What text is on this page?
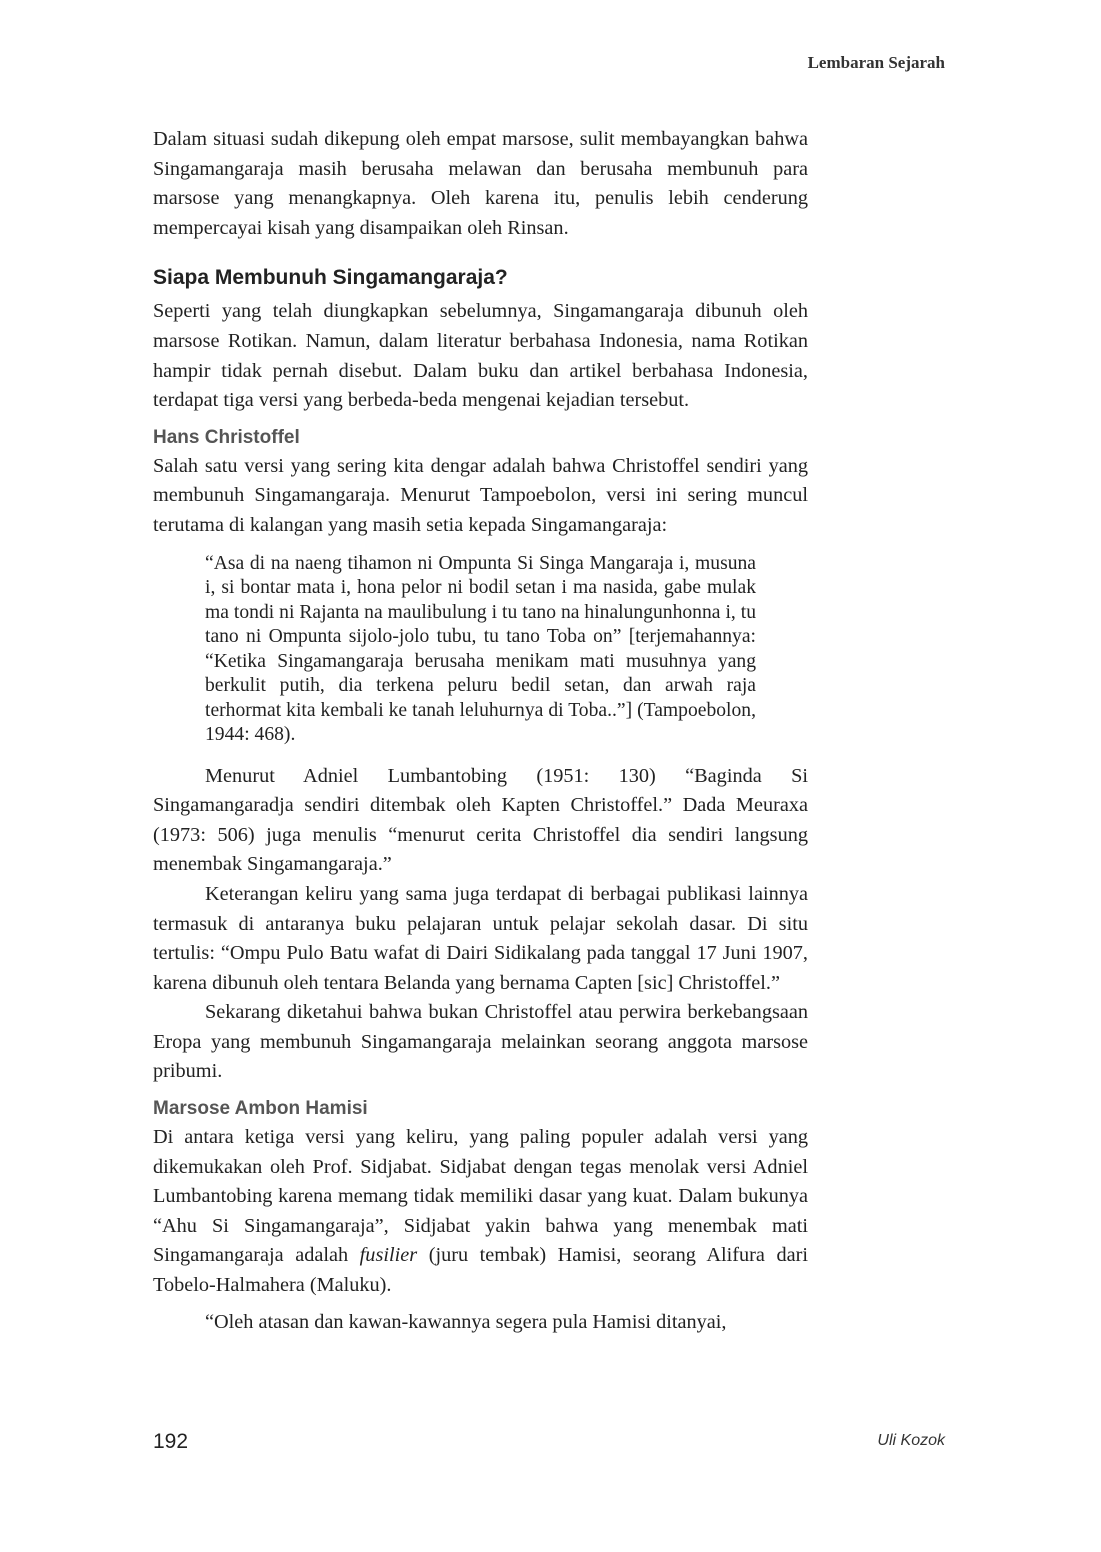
Lembaran Sejarah

Dalam situasi sudah dikepung oleh empat marsose, sulit membayangkan bahwa Singamangaraja masih berusaha melawan dan berusaha membunuh para marsose yang menangkapnya. Oleh karena itu, penulis lebih cenderung mempercayai kisah yang disampaikan oleh Rinsan.

Siapa Membunuh Singamangaraja?

Seperti yang telah diungkapkan sebelumnya, Singamangaraja dibunuh oleh marsose Rotikan. Namun, dalam literatur berbahasa Indonesia, nama Rotikan hampir tidak pernah disebut. Dalam buku dan artikel berbahasa Indonesia, terdapat tiga versi yang berbeda-beda mengenai kejadian tersebut.

Hans Christoffel

Salah satu versi yang sering kita dengar adalah bahwa Christoffel sendiri yang membunuh Singamangaraja. Menurut Tampoebolon, versi ini sering muncul terutama di kalangan yang masih setia kepada Singamangaraja:

“Asa di na naeng tihamon ni Ompunta Si Singa Mangaraja i, musuna i, si bontar mata i, hona pelor ni bodil setan i ma nasida, gabe mulak ma tondi ni Rajanta na maulibulung i tu tano na hinalungunhonna i, tu tano ni Ompunta sijolo-jolo tubu, tu tano Toba on” [terjemahannya: “Ketika Singamangaraja berusaha menikam mati musuhnya yang berkulit putih, dia terkena peluru bedil setan, dan arwah raja terhormat kita kembali ke tanah leluhurnya di Toba..”] (Tampoebolon, 1944: 468).

Menurut Adniel Lumbantobing (1951: 130) “Baginda Si Singamangaradja sendiri ditembak oleh Kapten Christoffel.” Dada Meuraxa (1973: 506) juga menulis “menurut cerita Christoffel dia sendiri langsung menembak Singamangaraja.”

Keterangan keliru yang sama juga terdapat di berbagai publikasi lainnya termasuk di antaranya buku pelajaran untuk pelajar sekolah dasar. Di situ tertulis: “Ompu Pulo Batu wafat di Dairi Sidikalang pada tanggal 17 Juni 1907, karena dibunuh oleh tentara Belanda yang bernama Capten [sic] Christoffel.”

Sekarang diketahui bahwa bukan Christoffel atau perwira berkebangsaan Eropa yang membunuh Singamangaraja melainkan seorang anggota marsose pribumi.

Marsose Ambon Hamisi

Di antara ketiga versi yang keliru, yang paling populer adalah versi yang dikemukakan oleh Prof. Sidjabat. Sidjabat dengan tegas menolak versi Adniel Lumbantobing karena memang tidak memiliki dasar yang kuat. Dalam bukunya “Ahu Si Singamangaraja”, Sidjabat yakin bahwa yang menembak mati Singamangaraja adalah fusilier (juru tembak) Hamisi, seorang Alifura dari Tobelo-Halmahera (Maluku).

“Oleh atasan dan kawan-kawannya segera pula Hamisi ditanyai,

192	Uli Kozok
